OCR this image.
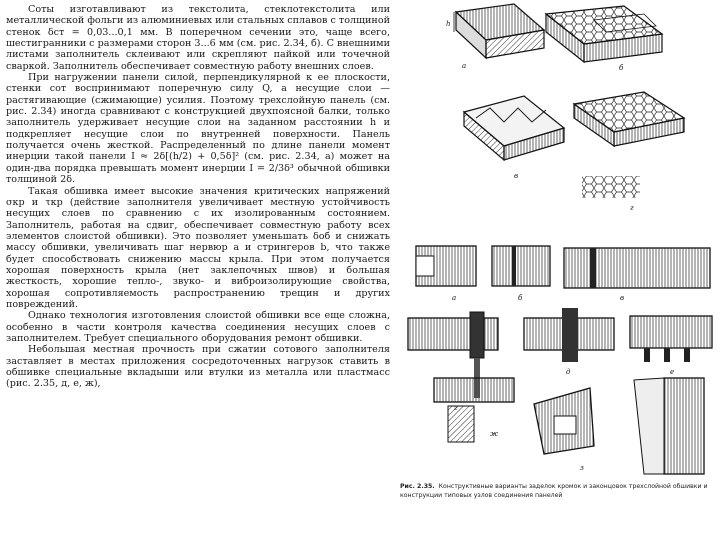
Соты изготавливают из текстолита, стеклотекстолита или металлической фольги из алюминиевых или стальных сплавов с толщиной стенок δст = 0,03...0,1 мм. В поперечном сечении это, чаще всего, шестигранники с размерами сторон 3...6 мм (см. рис. 2.34, б). С внешними листами заполнитель склеивают или скрепляют пайкой или точечной сваркой. Заполнитель обеспечивает совместную работу внешних слоев.

При нагружении панели силой, перпендикулярной к ее плоскости, стенки сот воспринимают поперечную силу Q, а несущие слои — растягивающие (сжимающие) усилия. Поэтому трехслойную панель (см. рис. 2.34) иногда сравнивают с конструкцией двухпоясной балки, только заполнитель удерживает несущие слои на заданном расстоянии h и подкрепляет несущие слои по внутренней поверхности. Панель получается очень жесткой. Распределенный по длине панели момент инерции такой панели I ≈ 2δ[(h/2) + 0,5δ]² (см. рис. 2.34, а) может на один-два порядка превышать момент инерции I = 2/3δ³ обычной обшивки толщиной 2δ.

Такая обшивка имеет высокие значения критических напряжений σкр и τкр (действие заполнителя увеличивает местную устойчивость несущих слоев по сравнению с их изолированным состоянием. Заполнитель, работая на сдвиг, обеспечивает совместную работу всех элементов слоистой обшивки). Это позволяет уменьшать δоб и снижать массу обшивки, увеличивать шаг нервюр a и стрингеров b, что также будет способствовать снижению массы крыла. При этом получается хорошая поверхность крыла (нет заклепочных швов) и большая жесткость, хорошие тепло-, звуко- и виброизолирующие свойства, хорошая сопротивляемость распространению трещин и других повреждений.

Однако технология изготовления слоистой обшивки все еще сложна, особенно в части контроля качества соединения несущих слоев с заполнителем. Требует специального оборудования ремонт обшивки.

Небольшая местная прочность при сжатии сотового заполнителя заставляет в местах приложения сосредоточенных нагрузок ставить в обшивке специальные вкладыши или втулки из металла или пластмасс (рис. 2.35, д, е, ж),

h
а	б
в
г
а	б	в
д	е
ж
з
Рис. 2.35. Конструктивные варианты заделок кромок и законцовок трехслойной обшивки и конструкции типовых узлов соединения панелей
